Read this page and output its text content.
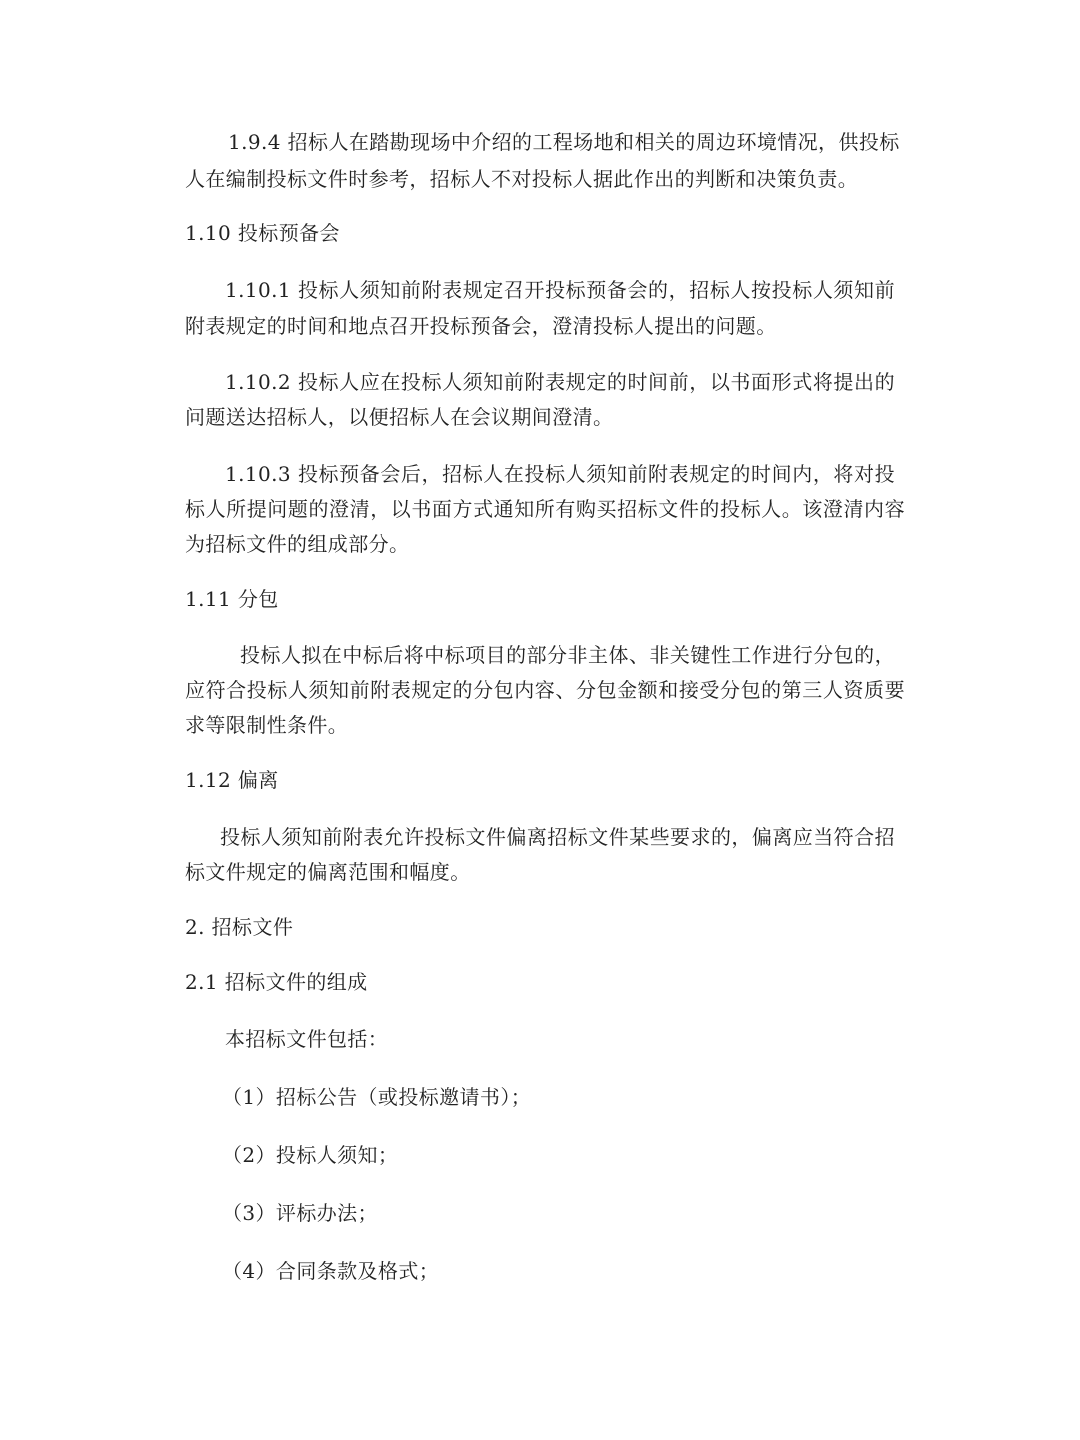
1.9.4 招标人在踏勘现场中介绍的工程场地和相关的周边环境情况，供投标
人在编制投标文件时参考，招标人不对投标人据此作出的判断和决策负责。
1.10 投标预备会
1.10.1 投标人须知前附表规定召开投标预备会的，招标人按投标人须知前
附表规定的时间和地点召开投标预备会，澄清投标人提出的问题。
1.10.2 投标人应在投标人须知前附表规定的时间前，以书面形式将提出的
问题送达招标人，以便招标人在会议期间澄清。
1.10.3 投标预备会后，招标人在投标人须知前附表规定的时间内，将对投
标人所提问题的澄清，以书面方式通知所有购买招标文件的投标人。该澄清内容
为招标文件的组成部分。
1.11 分包
投标人拟在中标后将中标项目的部分非主体、非关键性工作进行分包的，
应符合投标人须知前附表规定的分包内容、分包金额和接受分包的第三人资质要
求等限制性条件。
1.12 偏离
投标人须知前附表允许投标文件偏离招标文件某些要求的，偏离应当符合招
标文件规定的偏离范围和幅度。
2. 招标文件
2.1 招标文件的组成
本招标文件包括：
（1）招标公告（或投标邀请书）；
（2）投标人须知；
（3）评标办法；
（4）合同条款及格式；
